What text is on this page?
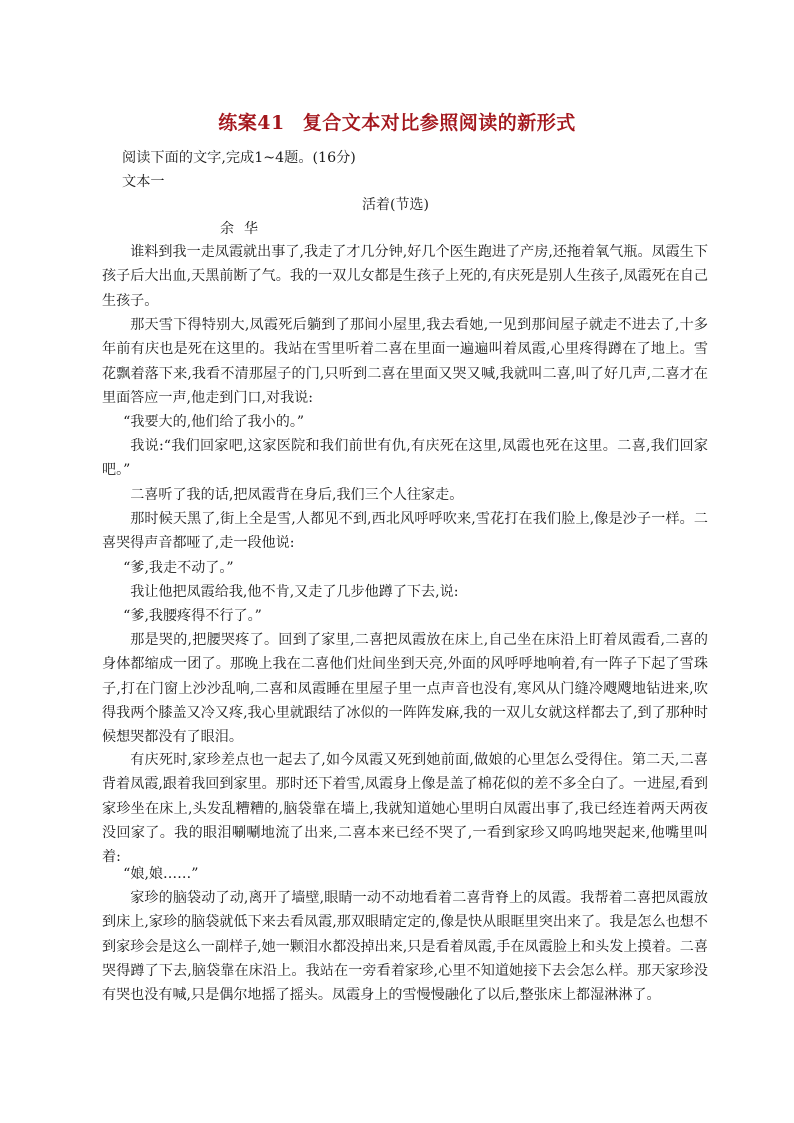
练案41 复合文本对比参照阅读的新形式
阅读下面的文字,完成1~4题。(16分)
文本一
活着(节选)
余华

谁料到我一走凤霞就出事了,我走了才几分钟,好几个医生跑进了产房,还拖着氧气瓶。凤霞生下孩子后大出血,天黑前断了气。我的一双儿女都是生孩子上死的,有庆死是别人生孩子,凤霞死在自己生孩子。

那天雪下得特别大,凤霞死后躺到了那间小屋里,我去看她,一见到那间屋子就走不进去了,十多年前有庆也是死在这里的。我站在雪里听着二喜在里面一遍遍叫着凤霞,心里疼得蹲在了地上。雪花飘着落下来,我看不清那屋子的门,只听到二喜在里面又哭又喊,我就叫二喜,叫了好几声,二喜才在里面答应一声,他走到门口,对我说:

“我要大的,他们给了我小的。”

我说:“我们回家吧,这家医院和我们前世有仇,有庆死在这里,凤霞也死在这里。二喜,我们回家吧。”

二喜听了我的话,把凤霞背在身后,我们三个人往家走。

那时候天黑了,街上全是雪,人都见不到,西北风呼呼吹来,雪花打在我们脸上,像是沙子一样。二喜哭得声音都哑了,走一段他说:

“爹,我走不动了。”

我让他把凤霞给我,他不肯,又走了几步他蹲了下去,说:

“爹,我腰疼得不行了。”

那是哭的,把腰哭疼了。回到了家里,二喜把凤霞放在床上,自己坐在床沿上盯着凤霞看,二喜的身体都缩成一团了。那晚上我在二喜他们灶间坐到天亮,外面的风呼呼地响着,有一阵子下起了雪珠子,打在门窗上沙沙乱响,二喜和凤霞睡在里屋子里一点声音也没有,寒风从门缝冷飕飕地钻进来,吹得我两个膝盖又冷又疼,我心里就跟结了冰似的一阵阵发麻,我的一双儿女就这样都去了,到了那种时候想哭都没有了眼泪。

有庆死时,家珍差点也一起去了,如今凤霞又死到她前面,做娘的心里怎么受得住。第二天,二喜背着凤霞,跟着我回到家里。那时还下着雪,凤霞身上像是盖了棉花似的差不多全白了。一进屋,看到家珍坐在床上,头发乱糟糟的,脑袋靠在墙上,我就知道她心里明白凤霞出事了,我已经连着两天两夜没回家了。我的眼泪唰唰地流了出来,二喜本来已经不哭了,一看到家珍又呜呜地哭起来,他嘴里叫着:

“娘,娘……”

家珍的脑袋动了动,离开了墙壁,眼睛一动不动地看着二喜背脊上的凤霞。我帮着二喜把凤霞放到床上,家珍的脑袋就低下来去看凤霞,那双眼睛定定的,像是快从眼眶里突出来了。我是怎么也想不到家珍会是这么一副样子,她一颗泪水都没掉出来,只是看着凤霞,手在凤霞脸上和头发上摸着。二喜哭得蹲了下去,脑袋靠在床沿上。我站在一旁看着家珍,心里不知道她接下去会怎么样。那天家珍没有哭也没有喊,只是偶尔地摇了摇头。凤霞身上的雪慢慢融化了以后,整张床上都湿淋淋了。
